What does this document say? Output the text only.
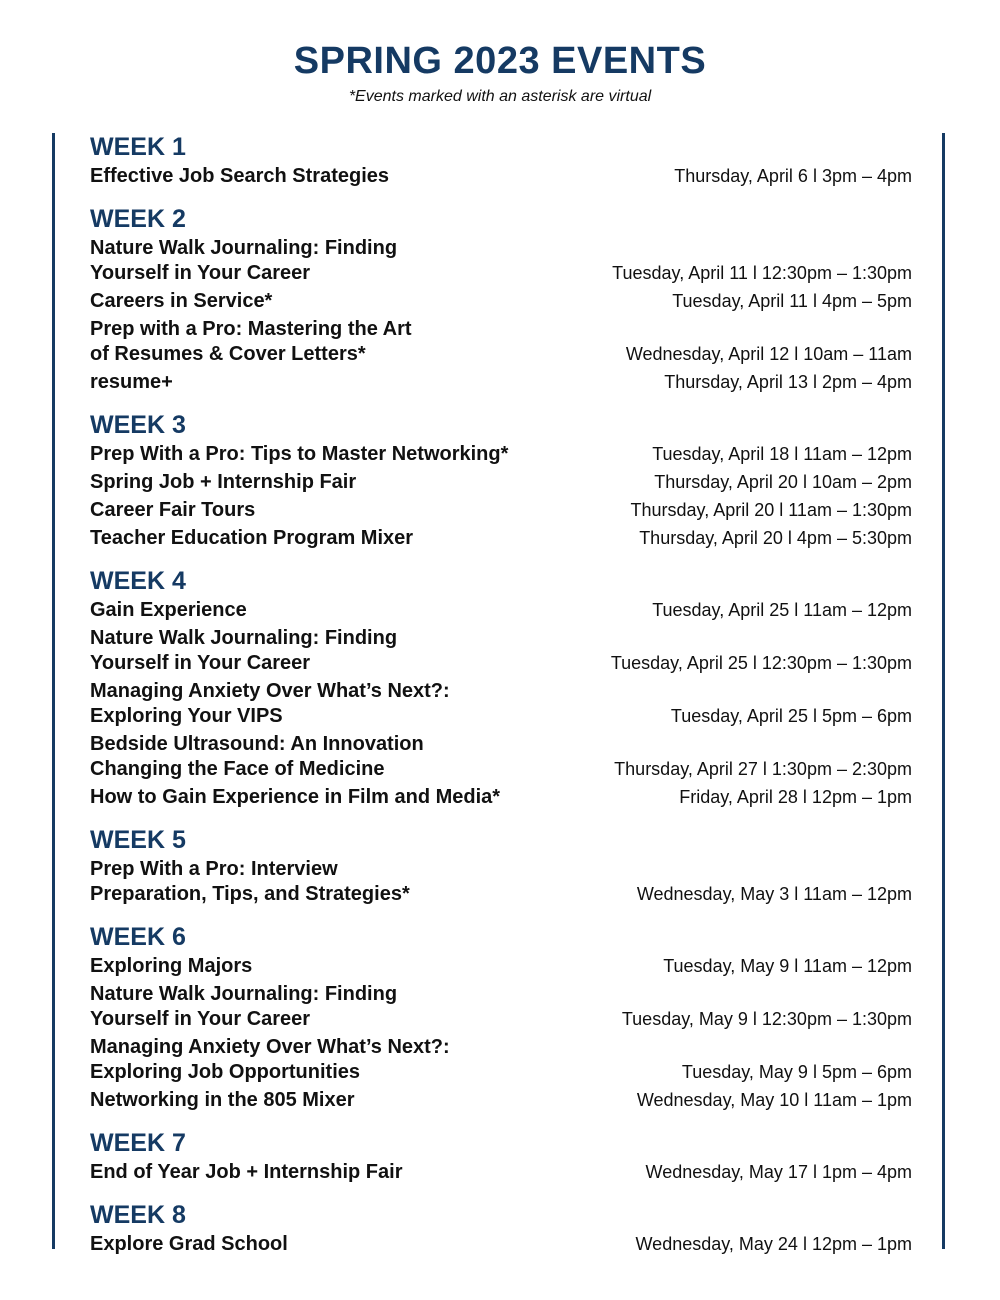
SPRING 2023 EVENTS
*Events marked with an asterisk are virtual
WEEK 1
Effective Job Search Strategies	Thursday, April 6 l 3pm – 4pm
WEEK 2
Nature Walk Journaling: Finding
Yourself in Your Career	Tuesday, April 11 l 12:30pm – 1:30pm
Careers in Service*	Tuesday, April 11 l 4pm – 5pm
Prep with a Pro: Mastering the Art
of Resumes & Cover Letters*	Wednesday, April 12 l 10am – 11am
resume+	Thursday, April 13 l 2pm – 4pm
WEEK 3
Prep With a Pro: Tips to Master Networking*	Tuesday, April 18 l 11am – 12pm
Spring Job + Internship Fair	Thursday, April 20 l 10am – 2pm
Career Fair Tours	Thursday, April 20 l 11am – 1:30pm
Teacher Education Program Mixer	Thursday, April 20 l 4pm – 5:30pm
WEEK 4
Gain Experience	Tuesday, April 25 l 11am – 12pm
Nature Walk Journaling: Finding
Yourself in Your Career	Tuesday, April 25 l 12:30pm – 1:30pm
Managing Anxiety Over What’s Next?:
Exploring Your VIPS	Tuesday, April 25 l 5pm – 6pm
Bedside Ultrasound: An Innovation
Changing the Face of Medicine	Thursday, April 27 l 1:30pm – 2:30pm
How to Gain Experience in Film and Media*	Friday, April 28 l 12pm – 1pm
WEEK 5
Prep With a Pro: Interview
Preparation, Tips, and Strategies*	Wednesday, May 3 l 11am – 12pm
WEEK 6
Exploring Majors	Tuesday, May 9 l 11am – 12pm
Nature Walk Journaling: Finding
Yourself in Your Career	Tuesday, May 9 l 12:30pm – 1:30pm
Managing Anxiety Over What’s Next?:
Exploring Job Opportunities	Tuesday, May 9 l 5pm – 6pm
Networking in the 805 Mixer	Wednesday, May 10 l 11am – 1pm
WEEK 7
End of Year Job + Internship Fair	Wednesday, May 17 l 1pm – 4pm
WEEK 8
Explore Grad School	Wednesday, May 24 l 12pm – 1pm
